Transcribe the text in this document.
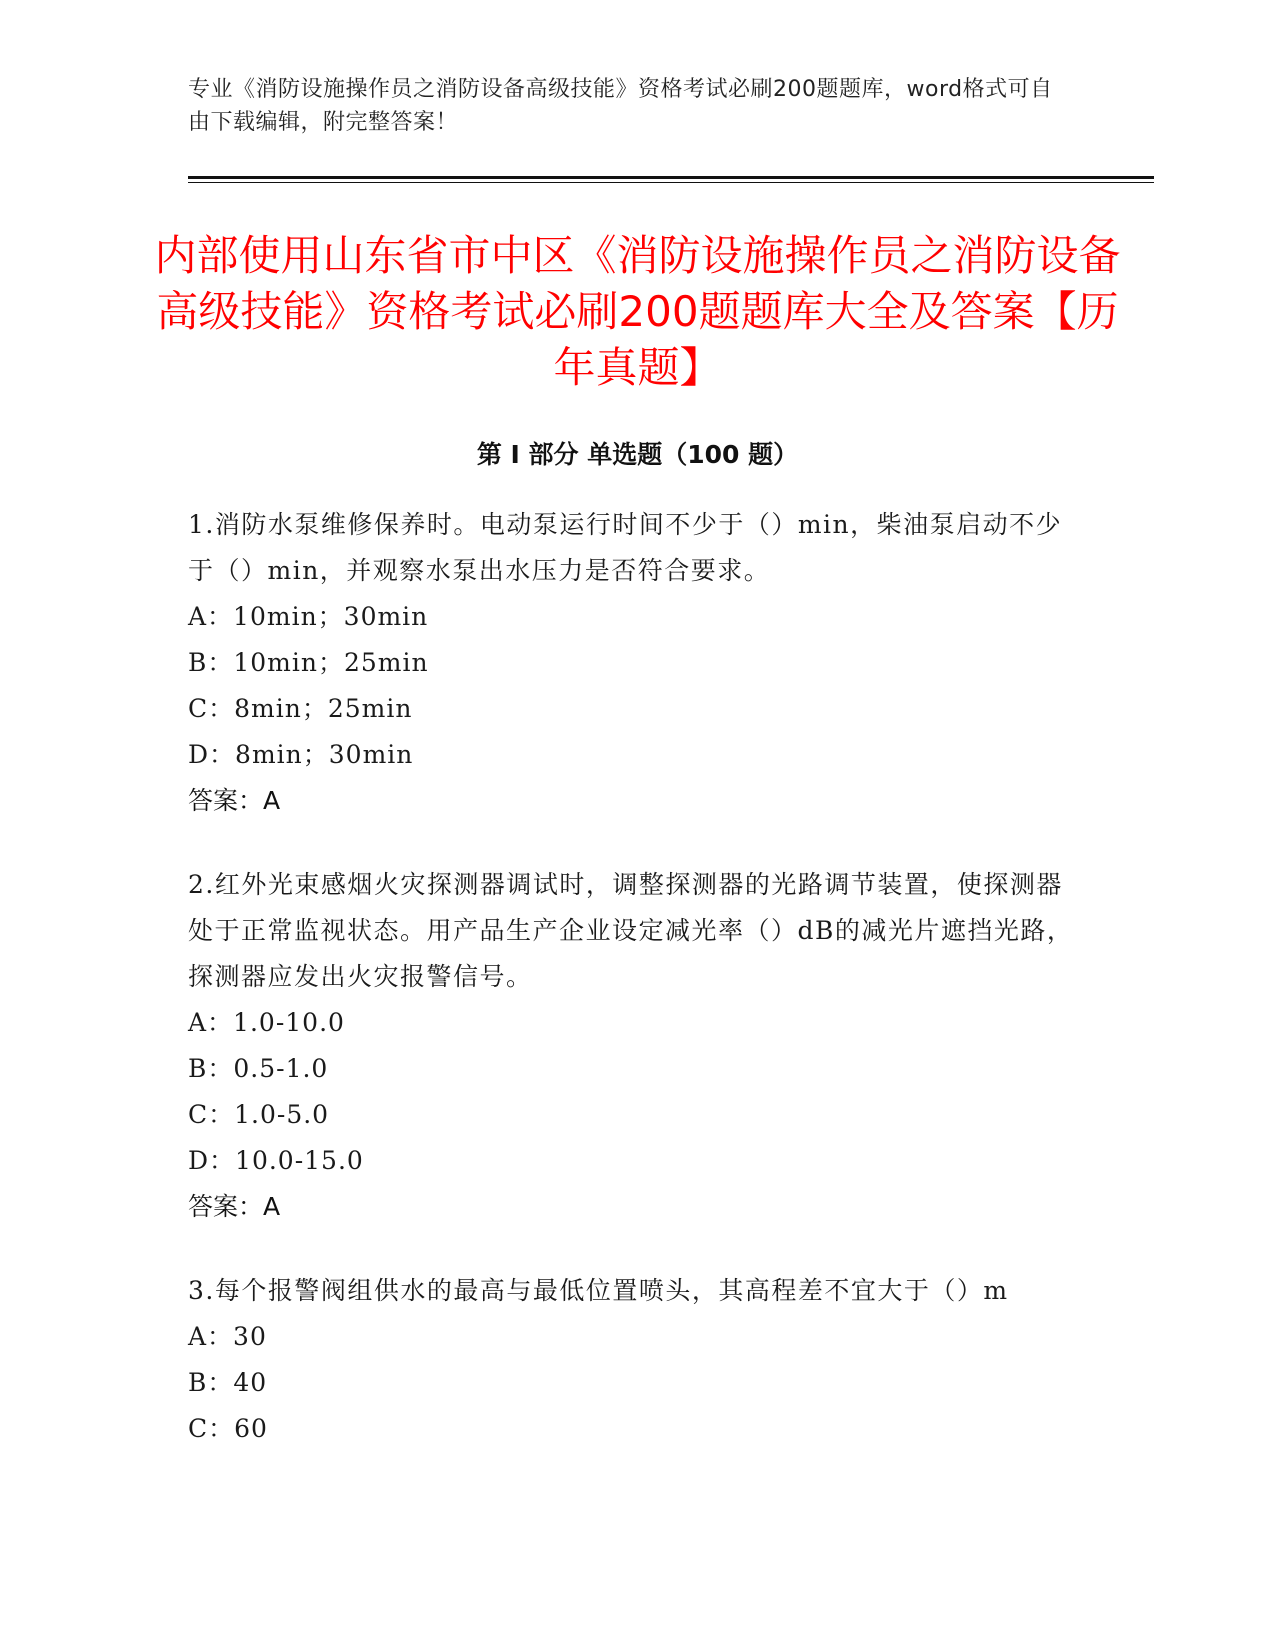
专业《消防设施操作员之消防设备高级技能》资格考试必刷200题题库，word格式可自由下载编辑，附完整答案！
内部使用山东省市中区《消防设施操作员之消防设备高级技能》资格考试必刷200题题库大全及答案【历年真题】
第 I 部分 单选题（100 题）

1.消防水泵维修保养时。电动泵运行时间不少于（）min，柴油泵启动不少于（）min，并观察水泵出水压力是否符合要求。

A：10min；30min

B：10min；25min

C：8min；25min

D：8min；30min

答案：A

2.红外光束感烟火灾探测器调试时，调整探测器的光路调节装置，使探测器处于正常监视状态。用产品生产企业设定减光率（）dB的减光片遮挡光路，探测器应发出火灾报警信号。

A：1.0-10.0

B：0.5-1.0

C：1.0-5.0

D：10.0-15.0

答案：A

3.每个报警阀组供水的最高与最低位置喷头，其高程差不宜大于（）m

A：30

B：40

C：60
